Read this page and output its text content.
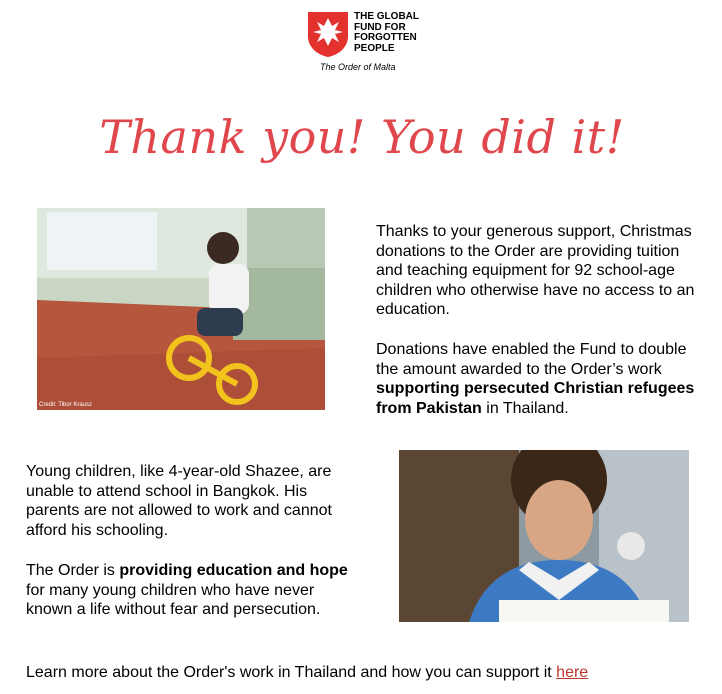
THE GLOBAL
FUND FOR
FORGOTTEN
PEOPLE
The Order of Malta
Thank you! You did it!
Credit: Tibor Krausz
Thanks to your generous support, Christmas donations to the Order are providing tuition and teaching equipment for 92 school-age children who otherwise have no access to an education.
Donations have enabled the Fund to double the amount awarded to the Order’s work supporting persecuted Christian refugees from Pakistan in Thailand.
Young children, like 4-year-old Shazee, are unable to attend school in Bangkok. His parents are not allowed to work and cannot afford his schooling.
The Order is providing education and hope for many young children who have never known a life without fear and persecution.
Learn more about the Order's work in Thailand and how you can support it here
